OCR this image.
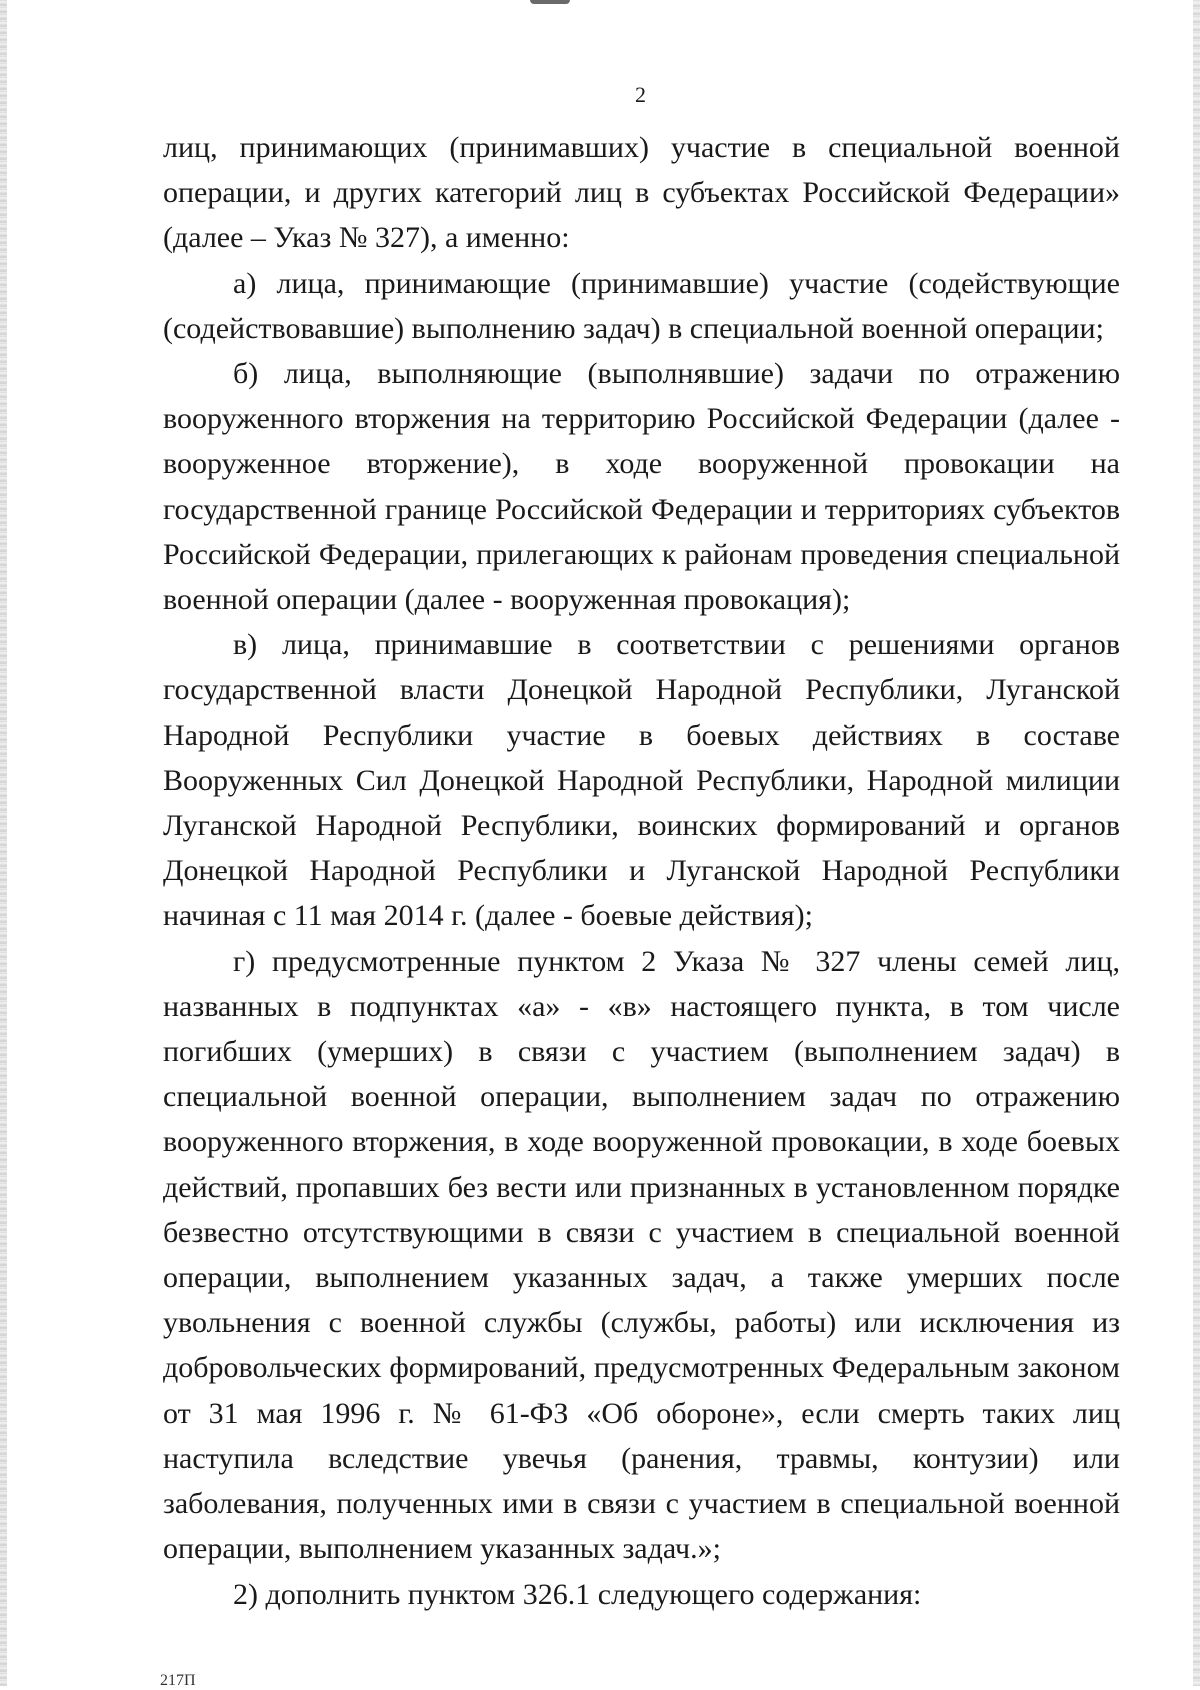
2

лиц, принимающих (принимавших) участие в специальной военной операции, и других категорий лиц в субъектах Российской Федерации» (далее – Указ № 327), а именно:

а) лица, принимающие (принимавшие) участие (содействующие (содействовавшие) выполнению задач) в специальной военной операции;

б) лица, выполняющие (выполнявшие) задачи по отражению вооруженного вторжения на территорию Российской Федерации (далее - вооруженное вторжение), в ходе вооруженной провокации на государственной границе Российской Федерации и территориях субъектов Российской Федерации, прилегающих к районам проведения специальной военной операции (далее - вооруженная провокация);

в) лица, принимавшие в соответствии с решениями органов государственной власти Донецкой Народной Республики, Луганской Народной Республики участие в боевых действиях в составе Вооруженных Сил Донецкой Народной Республики, Народной милиции Луганской Народной Республики, воинских формирований и органов Донецкой Народной Республики и Луганской Народной Республики начиная с 11 мая 2014 г. (далее - боевые действия);

г) предусмотренные пунктом 2 Указа № 327 члены семей лиц, названных в подпунктах «а» - «в» настоящего пункта, в том числе погибших (умерших) в связи с участием (выполнением задач) в специальной военной операции, выполнением задач по отражению вооруженного вторжения, в ходе вооруженной провокации, в ходе боевых действий, пропавших без вести или признанных в установленном порядке безвестно отсутствующими в связи с участием в специальной военной операции, выполнением указанных задач, а также умерших после увольнения с военной службы (службы, работы) или исключения из добровольческих формирований, предусмотренных Федеральным законом от 31 мая 1996 г. № 61-ФЗ «Об обороне», если смерть таких лиц наступила вследствие увечья (ранения, травмы, контузии) или заболевания, полученных ими в связи с участием в специальной военной операции, выполнением указанных задач.»;

2) дополнить пунктом 326.1 следующего содержания:

217П
